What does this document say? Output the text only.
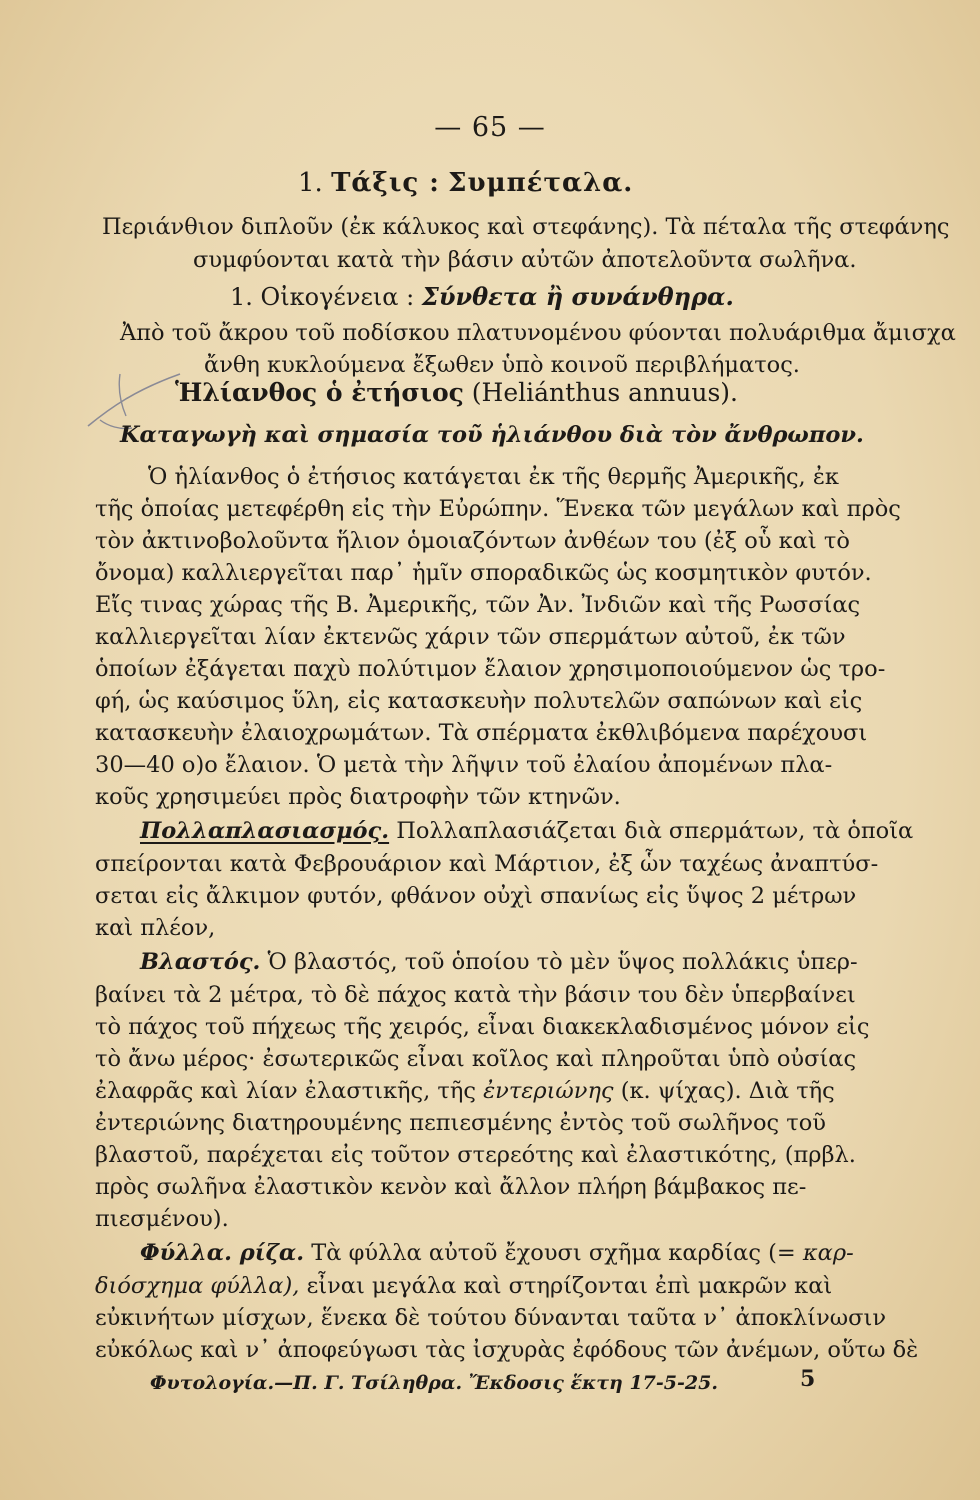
— 65 —
1. Τάξις : Συμπέταλα.
Περιάνθιον διπλοῦν (ἐκ κάλυκος καὶ στεφάνης). Τὰ πέταλα τῆς στεφάνης
συμφύονται κατὰ τὴν βάσιν αὐτῶν ἀποτελοῦντα σωλῆνα.
1. Οἰκογένεια : Σύνθετα ἢ συνάνθηρα.
Ἀπὸ τοῦ ἄκρου τοῦ ποδίσκου πλατυνομένου φύονται πολυάριθμα ἄμισχα
ἄνθη κυκλούμενα ἔξωθεν ὑπὸ κοινοῦ περιβλήματος.
Ἡλίανθος ὁ ἐτήσιος (Heliánthus annuus).
Καταγωγὴ καὶ σημασία τοῦ ἡλιάνθου διὰ τὸν ἄνθρωπον.
Ὁ ἡλίανθος ὁ ἐτήσιος κατάγεται ἐκ τῆς θερμῆς Ἀμερικῆς, ἐκ
τῆς ὁποίας μετεφέρθη εἰς τὴν Εὐρώπην. Ἕνεκα τῶν μεγάλων καὶ πρὸς
τὸν ἀκτινοβολοῦντα ἥλιον ὁμοιαζόντων ἀνθέων του (ἐξ οὗ καὶ τὸ
ὄνομα) καλλιεργεῖται παρ᾽ ἡμῖν σποραδικῶς ὡς κοσμητικὸν φυτόν.
Εἴς τινας χώρας τῆς Β. Ἀμερικῆς, τῶν Ἀν. Ἰνδιῶν καὶ τῆς Ρωσσίας
καλλιεργεῖται λίαν ἐκτενῶς χάριν τῶν σπερμάτων αὐτοῦ, ἐκ τῶν
ὁποίων ἐξάγεται παχὺ πολύτιμον ἔλαιον χρησιμοποιούμενον ὡς τρο-
φή, ὡς καύσιμος ὕλη, εἰς κατασκευὴν πολυτελῶν σαπώνων καὶ εἰς
κατασκευὴν ἐλαιοχρωμάτων. Τὰ σπέρματα ἐκθλιβόμενα παρέχουσι
30—40 ο)ο ἔλαιον. Ὁ μετὰ τὴν λῆψιν τοῦ ἐλαίου ἀπομένων πλα-
κοῦς χρησιμεύει πρὸς διατροφὴν τῶν κτηνῶν.
Πολλαπλασιασμός. Πολλαπλασιάζεται διὰ σπερμάτων, τὰ ὁποῖα
σπείρονται κατὰ Φεβρουάριον καὶ Μάρτιον, ἐξ ὧν ταχέως ἀναπτύσ-
σεται εἰς ἄλκιμον φυτόν, φθάνον οὐχὶ σπανίως εἰς ὕψος 2 μέτρων
καὶ πλέον,
Βλαστός. Ὁ βλαστός, τοῦ ὁποίου τὸ μὲν ὕψος πολλάκις ὑπερ-
βαίνει τὰ 2 μέτρα, τὸ δὲ πάχος κατὰ τὴν βάσιν του δὲν ὑπερβαίνει
τὸ πάχος τοῦ πήχεως τῆς χειρός, εἶναι διακεκλαδισμένος μόνον εἰς
τὸ ἄνω μέρος· ἐσωτερικῶς εἶναι κοῖλος καὶ πληροῦται ὑπὸ οὐσίας
ἐλαφρᾶς καὶ λίαν ἐλαστικῆς, τῆς ἐντεριώνης (κ. ψίχας). Διὰ τῆς
ἐντεριώνης διατηρουμένης πεπιεσμένης ἐντὸς τοῦ σωλῆνος τοῦ
βλαστοῦ, παρέχεται εἰς τοῦτον στερεότης καὶ ἐλαστικότης, (πρβλ.
πρὸς σωλῆνα ἐλαστικὸν κενὸν καὶ ἄλλον πλήρη βάμβακος πε-
πιεσμένου).
Φύλλα. ρίζα. Τὰ φύλλα αὐτοῦ ἔχουσι σχῆμα καρδίας (= καρ-
διόσχημα φύλλα), εἶναι μεγάλα καὶ στηρίζονται ἐπὶ μακρῶν καὶ
εὐκινήτων μίσχων, ἕνεκα δὲ τούτου δύνανται ταῦτα ν᾽ ἀποκλίνωσιν
εὐκόλως καὶ ν᾽ ἀποφεύγωσι τὰς ἰσχυρὰς ἐφόδους τῶν ἀνέμων, οὕτω δὲ
Φυτολογία.—Π. Γ. Τσίληθρα. Ἔκδοσις ἕκτη 17-5-25.	5
